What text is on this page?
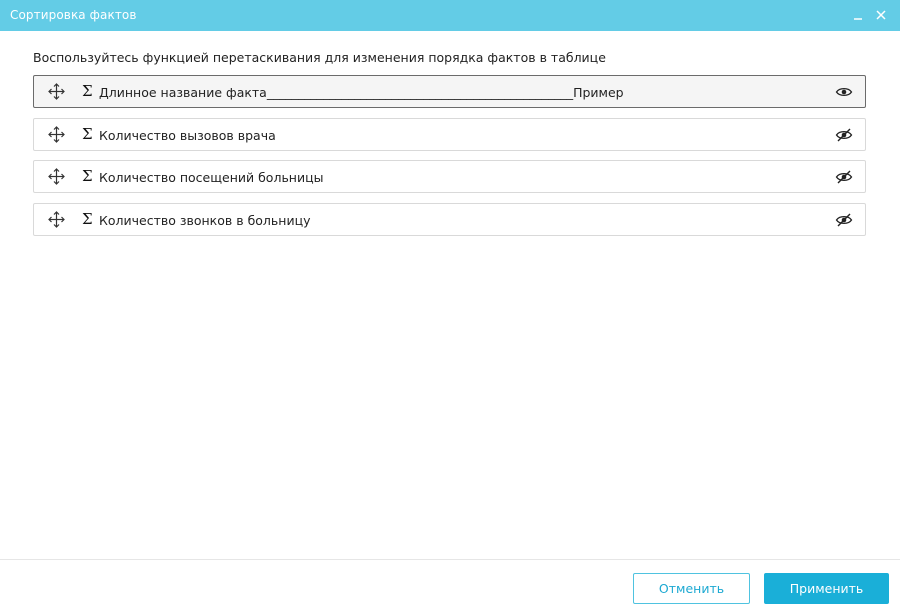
Сортировка фактов
Воспользуйтесь функцией перетаскивания для изменения порядка фактов в таблице
Σ Длинное название факта_________________________________________________Пример
Σ Количество вызовов врача
Σ Количество посещений больницы
Σ Количество звонков в больницу
Отменить	Применить
